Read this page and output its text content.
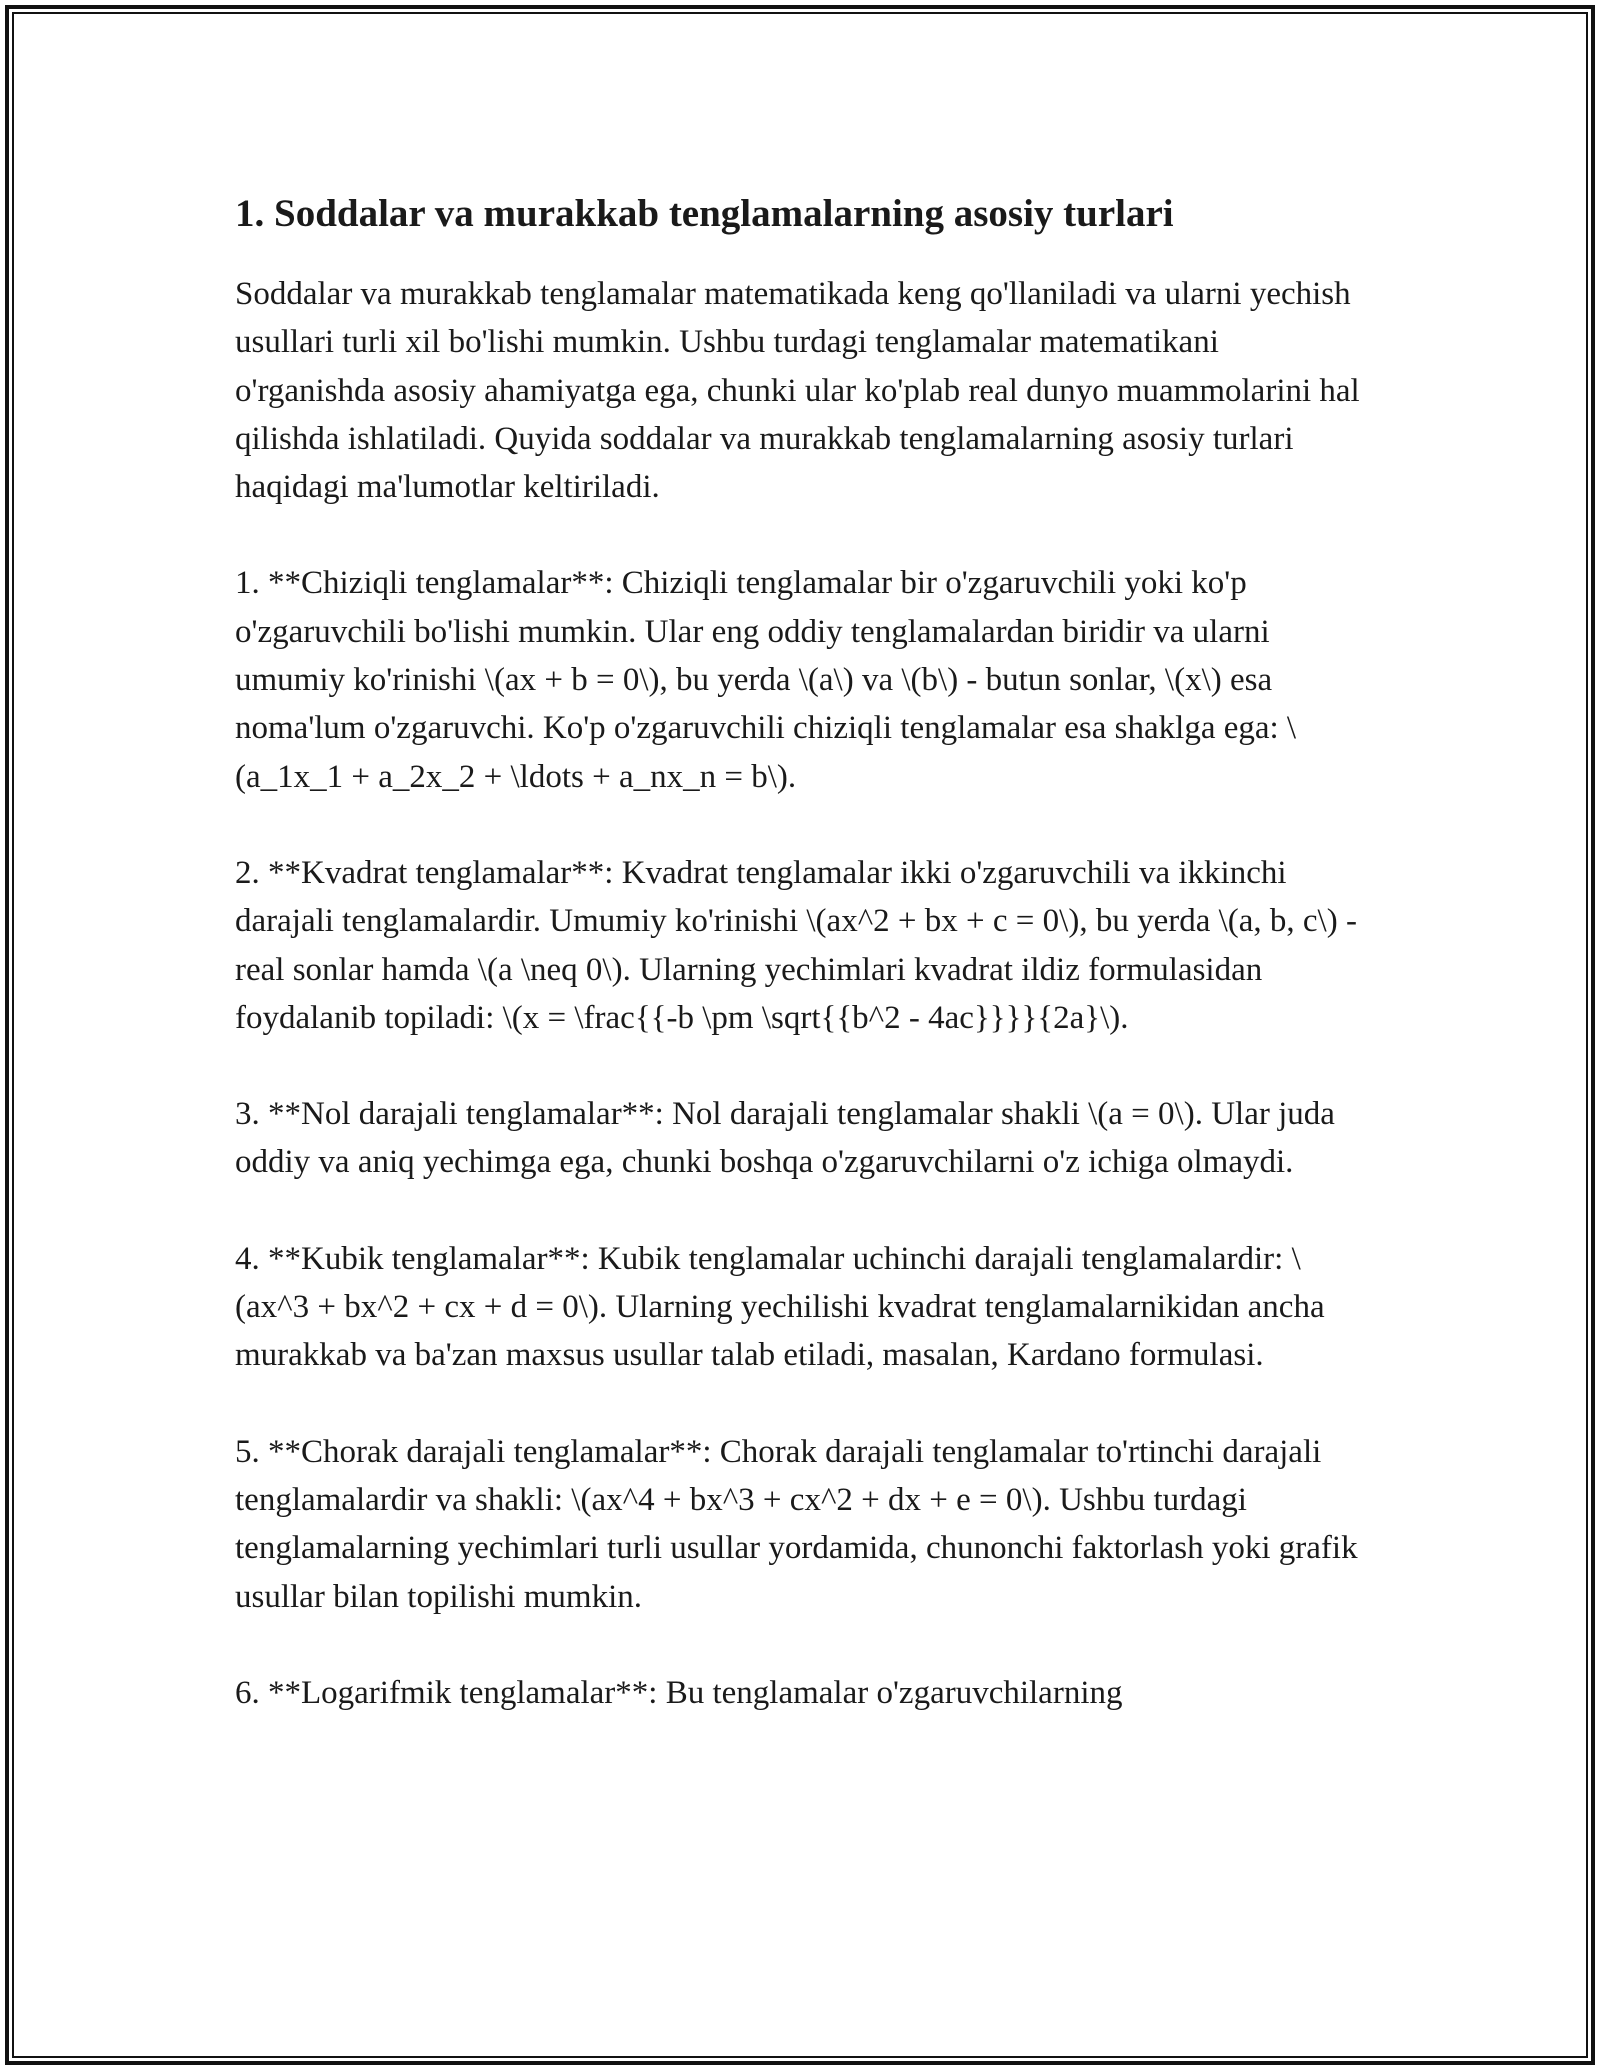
1. Soddalar va murakkab tenglamalarning asosiy turlari

Soddalar va murakkab tenglamalar matematikada keng qo'llaniladi va ularni yechish usullari turli xil bo'lishi mumkin. Ushbu turdagi tenglamalar matematikani o'rganishda asosiy ahamiyatga ega, chunki ular ko'plab real dunyo muammolarini hal qilishda ishlatiladi. Quyida soddalar va murakkab tenglamalarning asosiy turlari haqidagi ma'lumotlar keltiriladi.

1. **Chiziqli tenglamalar**: Chiziqli tenglamalar bir o'zgaruvchili yoki ko'p o'zgaruvchili bo'lishi mumkin. Ular eng oddiy tenglamalardan biridir va ularni umumiy ko'rinishi \(ax + b = 0\), bu yerda \(a\) va \(b\) - butun sonlar, \(x\) esa noma'lum o'zgaruvchi. Ko'p o'zgaruvchili chiziqli tenglamalar esa shaklga ega: \(a_1x_1 + a_2x_2 + \ldots + a_nx_n = b\).

2. **Kvadrat tenglamalar**: Kvadrat tenglamalar ikki o'zgaruvchili va ikkinchi darajali tenglamalardir. Umumiy ko'rinishi \(ax^2 + bx + c = 0\), bu yerda \(a, b, c\) - real sonlar hamda \(a \neq 0\). Ularning yechimlari kvadrat ildiz formulasidan foydalanib topiladi: \(x = \frac{{-b \pm \sqrt{{b^2 - 4ac}}}}{2a}\).

3. **Nol darajali tenglamalar**: Nol darajali tenglamalar shakli \(a = 0\). Ular juda oddiy va aniq yechimga ega, chunki boshqa o'zgaruvchilarni o'z ichiga olmaydi.

4. **Kubik tenglamalar**: Kubik tenglamalar uchinchi darajali tenglamalardir: \(ax^3 + bx^2 + cx + d = 0\). Ularning yechilishi kvadrat tenglamalarnikidan ancha murakkab va ba'zan maxsus usullar talab etiladi, masalan, Kardano formulasi.

5. **Chorak darajali tenglamalar**: Chorak darajali tenglamalar to'rtinchi darajali tenglamalardir va shakli: \(ax^4 + bx^3 + cx^2 + dx + e = 0\). Ushbu turdagi tenglamalarning yechimlari turli usullar yordamida, chunonchi faktorlash yoki grafik usullar bilan topilishi mumkin.

6. **Logarifmik tenglamalar**: Bu tenglamalar o'zgaruvchilarning
